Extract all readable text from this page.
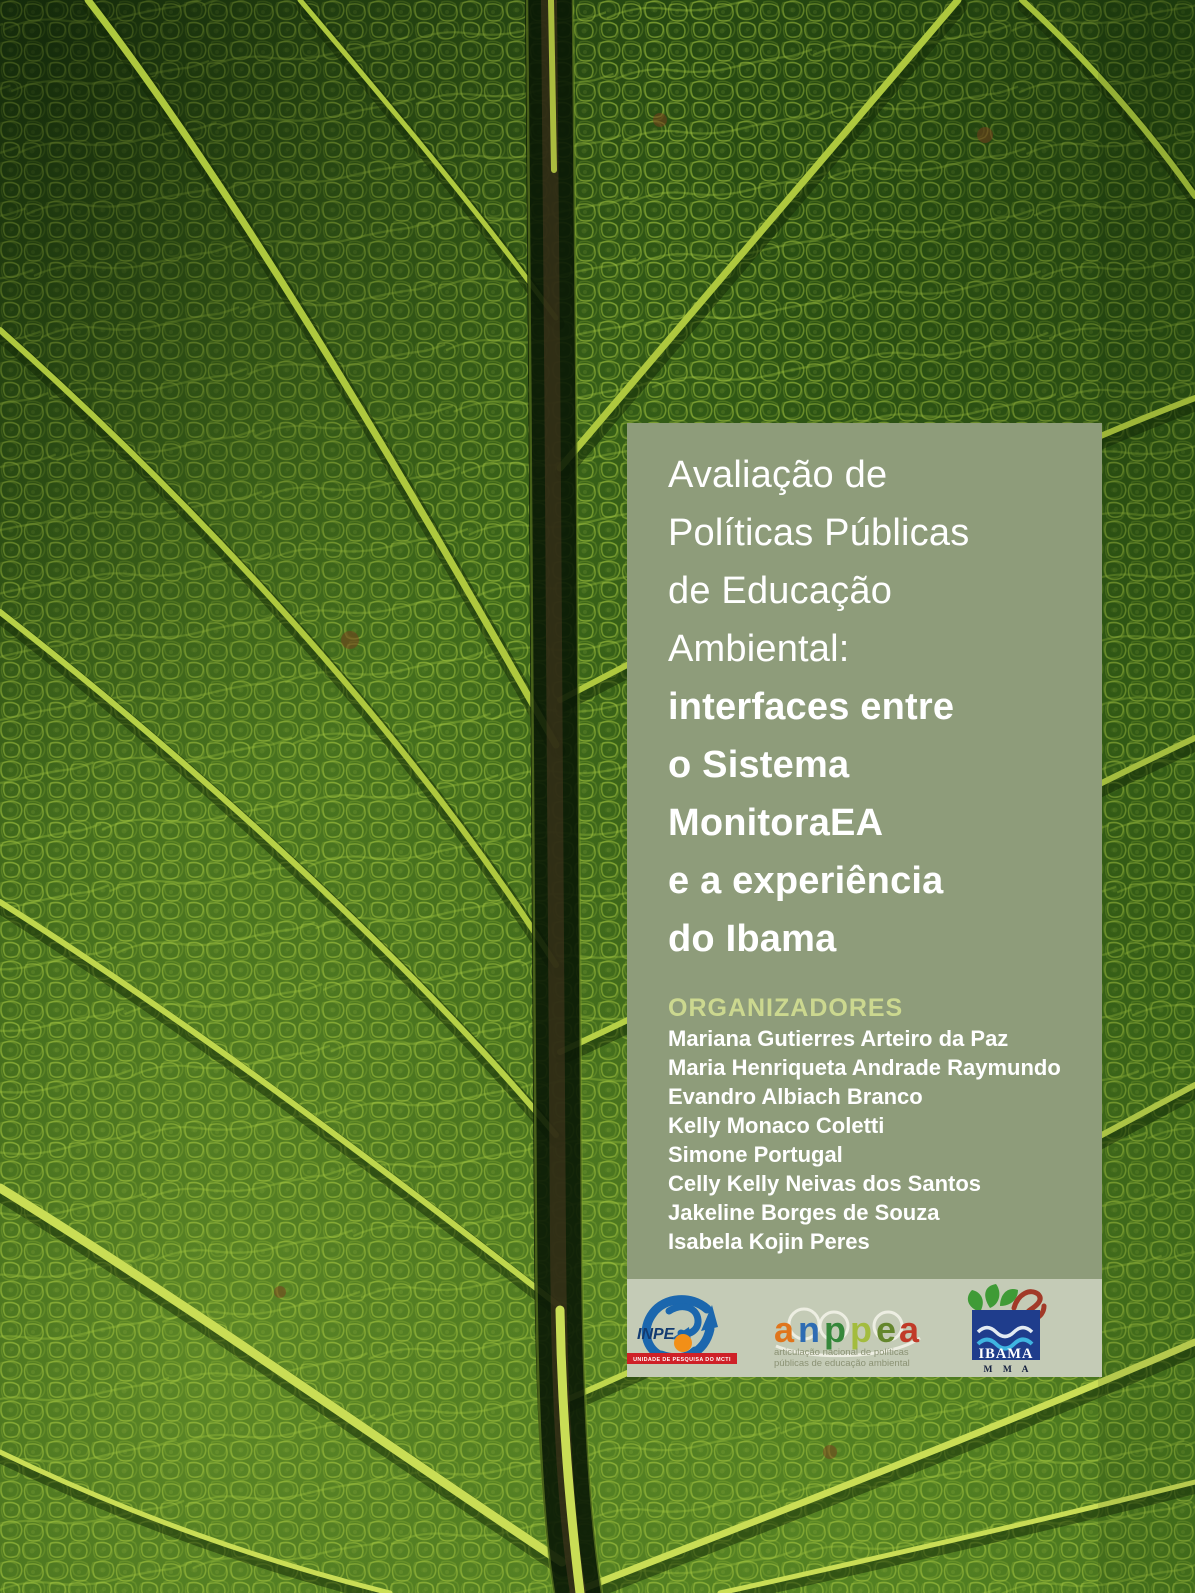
Avaliação de
Políticas Públicas
de Educação
Ambiental:
interfaces entre
o Sistema
MonitoraEA
e a experiência
do Ibama
ORGANIZADORES
Mariana Gutierres Arteiro da Paz
Maria Henriqueta Andrade Raymundo
Evandro Albiach Branco
Kelly Monaco Coletti
Simone Portugal
Celly Kelly Neivas dos Santos
Jakeline Borges de Souza
Isabela Kojin Peres
INPE
UNIDADE DE PESQUISA DO MCTI
a n p p e a
articulação nacional de políticas
públicas de educação ambiental
IBAMA
M M A
